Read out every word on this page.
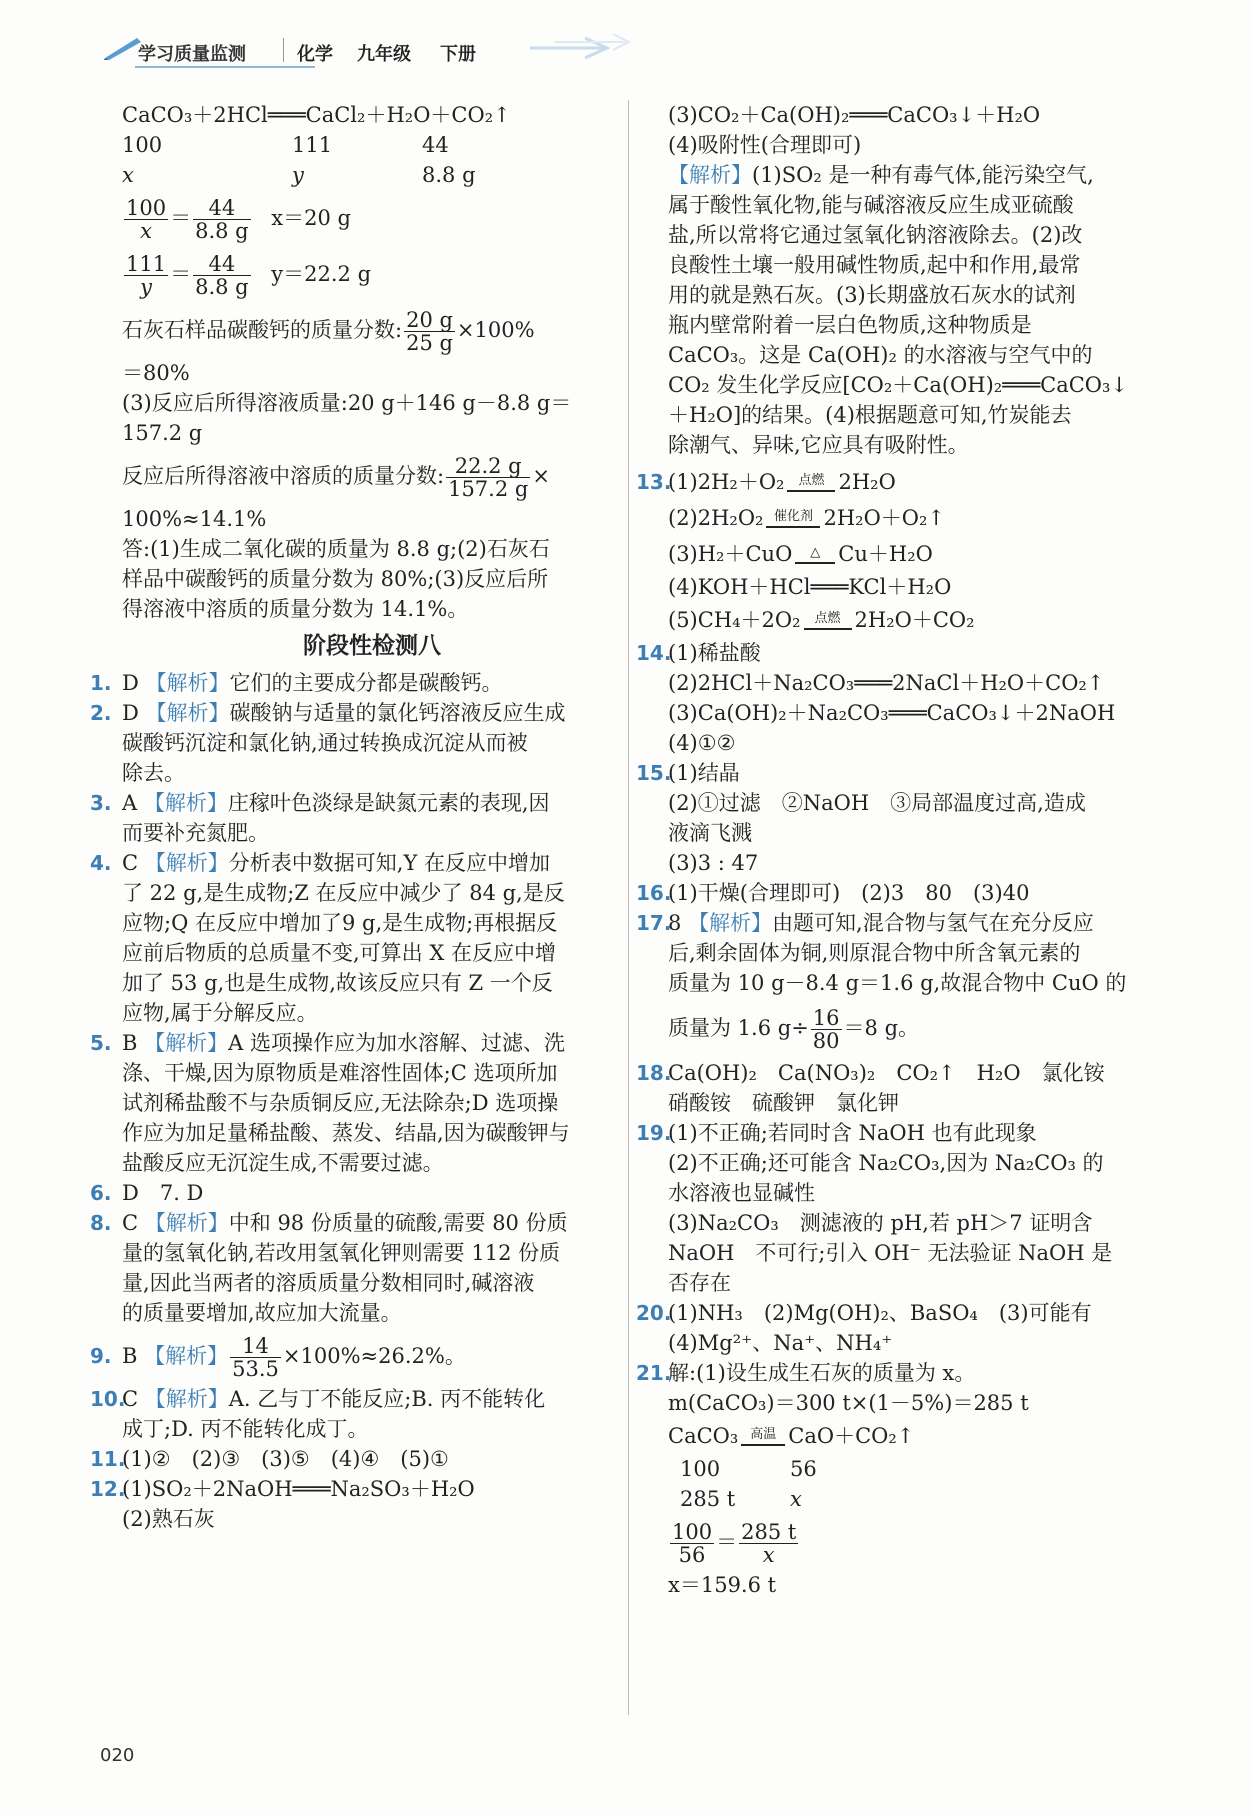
学习质量监测	化学 九年级 下册
CaCO₃＋2HCl═══CaCl₂＋H₂O＋CO₂↑
100	111	44
x	y	8.8 g
$\frac{100}{x} = \frac{44}{8.8 g} x=20$ g
$\frac{111}{y} = \frac{44}{8.8 g} y=22.2$ g
石灰石样品碳酸钙的质量分数: $\frac{20 g}{25 g} \times 100\%$
＝80%
(3)反应后所得溶液质量:20 g＋146 g－8.8 g＝
157.2 g
反应后所得溶液中溶质的质量分数: $\frac{22.2 g}{157.2 g}$ ×
100%≈14.1%
答:(1)生成二氧化碳的质量为 8.8 g;(2)石灰石
样品中碳酸钙的质量分数为 80%;(3)反应后所
得溶液中溶质的质量分数为 14.1%。
阶段性检测八
1. D 【解析】它们的主要成分都是碳酸钙。
2. D 【解析】碳酸钠与适量的氯化钙溶液反应生成
碳酸钙沉淀和氯化钠,通过转换成沉淀从而被
除去。
3. A 【解析】庄稼叶色淡绿是缺氮元素的表现,因
而要补充氮肥。
4. C 【解析】分析表中数据可知,Y 在反应中增加
了 22 g,是生成物;Z 在反应中减少了 84 g,是反
应物;Q 在反应中增加了9 g,是生成物;再根据反
应前后物质的总质量不变,可算出 X 在反应中增
加了 53 g,也是生成物,故该反应只有 Z 一个反
应物,属于分解反应。
5. B 【解析】A 选项操作应为加水溶解、过滤、洗
涤、干燥,因为原物质是难溶性固体;C 选项所加
试剂稀盐酸不与杂质铜反应,无法除杂;D 选项操
作应为加足量稀盐酸、蒸发、结晶,因为碳酸钾与
盐酸反应无沉淀生成,不需要过滤。
6. D　7. D
8. C 【解析】中和 98 份质量的硫酸,需要 80 份质
量的氢氧化钠,若改用氢氧化钾则需要 112 份质
量,因此当两者的溶质质量分数相同时,碱溶液
的质量要增加,故应加大流量。
9. B 【解析】 $\frac{14}{53.5} \times 100\%\approx 26.2\%$。
10.C 【解析】A. 乙与丁不能反应;B. 丙不能转化
成丁;D. 丙不能转化成丁。
11.(1)②　(2)③　(3)⑤　(4)④　(5)①
12.(1)SO₂＋2NaOH═══Na₂SO₃＋H₂O
(2)熟石灰
(3)CO₂＋Ca(OH)₂═══CaCO₃↓＋H₂O
(4)吸附性(合理即可)
【解析】(1)SO₂ 是一种有毒气体,能污染空气,
属于酸性氧化物,能与碱溶液反应生成亚硫酸
盐,所以常将它通过氢氧化钠溶液除去。(2)改
良酸性土壤一般用碱性物质,起中和作用,最常
用的就是熟石灰。(3)长期盛放石灰水的试剂
瓶内壁常附着一层白色物质,这种物质是
CaCO₃。这是 Ca(OH)₂ 的水溶液与空气中的
CO₂ 发生化学反应[CO₂＋Ca(OH)₂═══CaCO₃↓
＋H₂O]的结果。(4)根据题意可知,竹炭能去
除潮气、异味,它应具有吸附性。
13.(1)2H₂＋O₂	点燃 2H₂O
(2)2H₂O₂ 催化剂 2H₂O＋O₂↑
(3)H₂＋CuO	△ Cu＋H₂O
(4)KOH＋HCl═══KCl＋H₂O
(5)CH₄＋2O₂	点燃 2H₂O＋CO₂
14.(1)稀盐酸
(2)2HCl＋Na₂CO₃═══2NaCl＋H₂O＋CO₂↑
(3)Ca(OH)₂＋Na₂CO₃═══CaCO₃↓＋2NaOH
(4)①②
15.(1)结晶
(2)①过滤　②NaOH　③局部温度过高,造成
液滴飞溅
(3)3 : 47
16.(1)干燥(合理即可)　(2)3　80　(3)40
17.8 【解析】由题可知,混合物与氢气在充分反应
后,剩余固体为铜,则原混合物中所含氧元素的
质量为 10 g－8.4 g＝1.6 g,故混合物中 CuO 的
质量为 1.6 $g\div \frac{16}{80} =8$ g。
18.Ca(OH)₂　Ca(NO₃)₂　CO₂↑　H₂O　氯化铵
硝酸铵　硫酸钾　氯化钾
19.(1)不正确;若同时含 NaOH 也有此现象
(2)不正确;还可能含 Na₂CO₃,因为 Na₂CO₃ 的
水溶液也显碱性
(3)Na₂CO₃　测滤液的 pH,若 pH＞7 证明含
NaOH　不可行;引入 OH⁻ 无法验证 NaOH 是
否存在
20.(1)NH₃　(2)Mg(OH)₂、BaSO₄　(3)可能有
(4)Mg²⁺、Na⁺、NH₄⁺
21.解:(1)设生成生石灰的质量为 x。
m(CaCO₃)＝300 t×(1－5%)＝285 t
CaCO₃ 高温 CaO＋CO₂↑
100	56
285 t	x
$\frac{100}{56} = \frac{285 t}{x}$
x＝159.6 t
020
